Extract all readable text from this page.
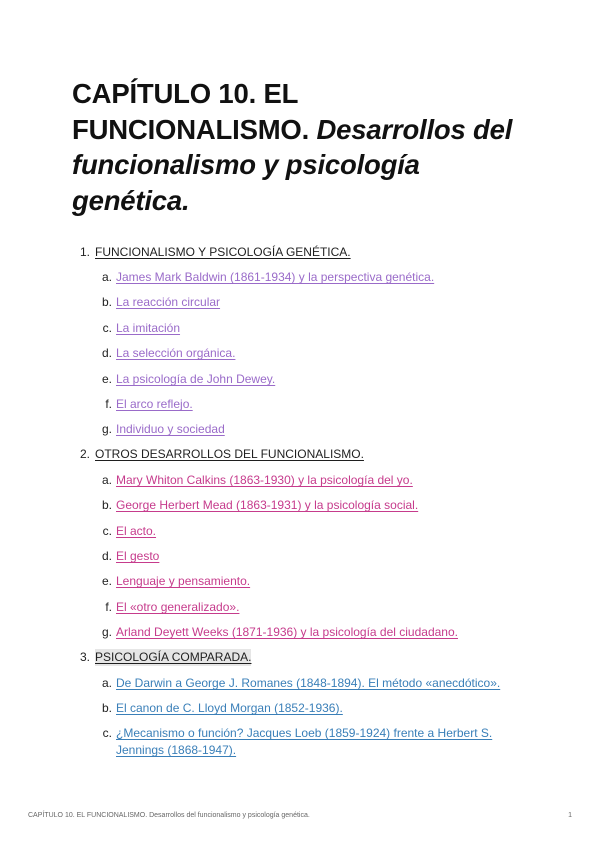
CAPÍTULO 10. EL FUNCIONALISMO. Desarrollos del funcionalismo y psicología genética.
1. FUNCIONALISMO Y PSICOLOGÍA GENÉTICA.
a. James Mark Baldwin (1861-1934) y la perspectiva genética.
b. La reacción circular
c. La imitación
d. La selección orgánica.
e. La psicología de John Dewey.
f. El arco reflejo.
g. Individuo y sociedad
2. OTROS DESARROLLOS DEL FUNCIONALISMO.
a. Mary Whiton Calkins (1863-1930) y la psicología del yo.
b. George Herbert Mead (1863-1931) y la psicología social.
c. El acto.
d. El gesto
e. Lenguaje y pensamiento.
f. El «otro generalizado».
g. Arland Deyett Weeks (1871-1936) y la psicología del ciudadano.
3. PSICOLOGÍA COMPARADA.
a. De Darwin a George J. Romanes (1848-1894). El método «anecdótico».
b. El canon de C. Lloyd Morgan (1852-1936).
c. ¿Mecanismo o función? Jacques Loeb (1859-1924) frente a Herbert S. Jennings (1868-1947).
CAPÍTULO 10. EL FUNCIONALISMO. Desarrollos del funcionalismo y psicología genética.	1
